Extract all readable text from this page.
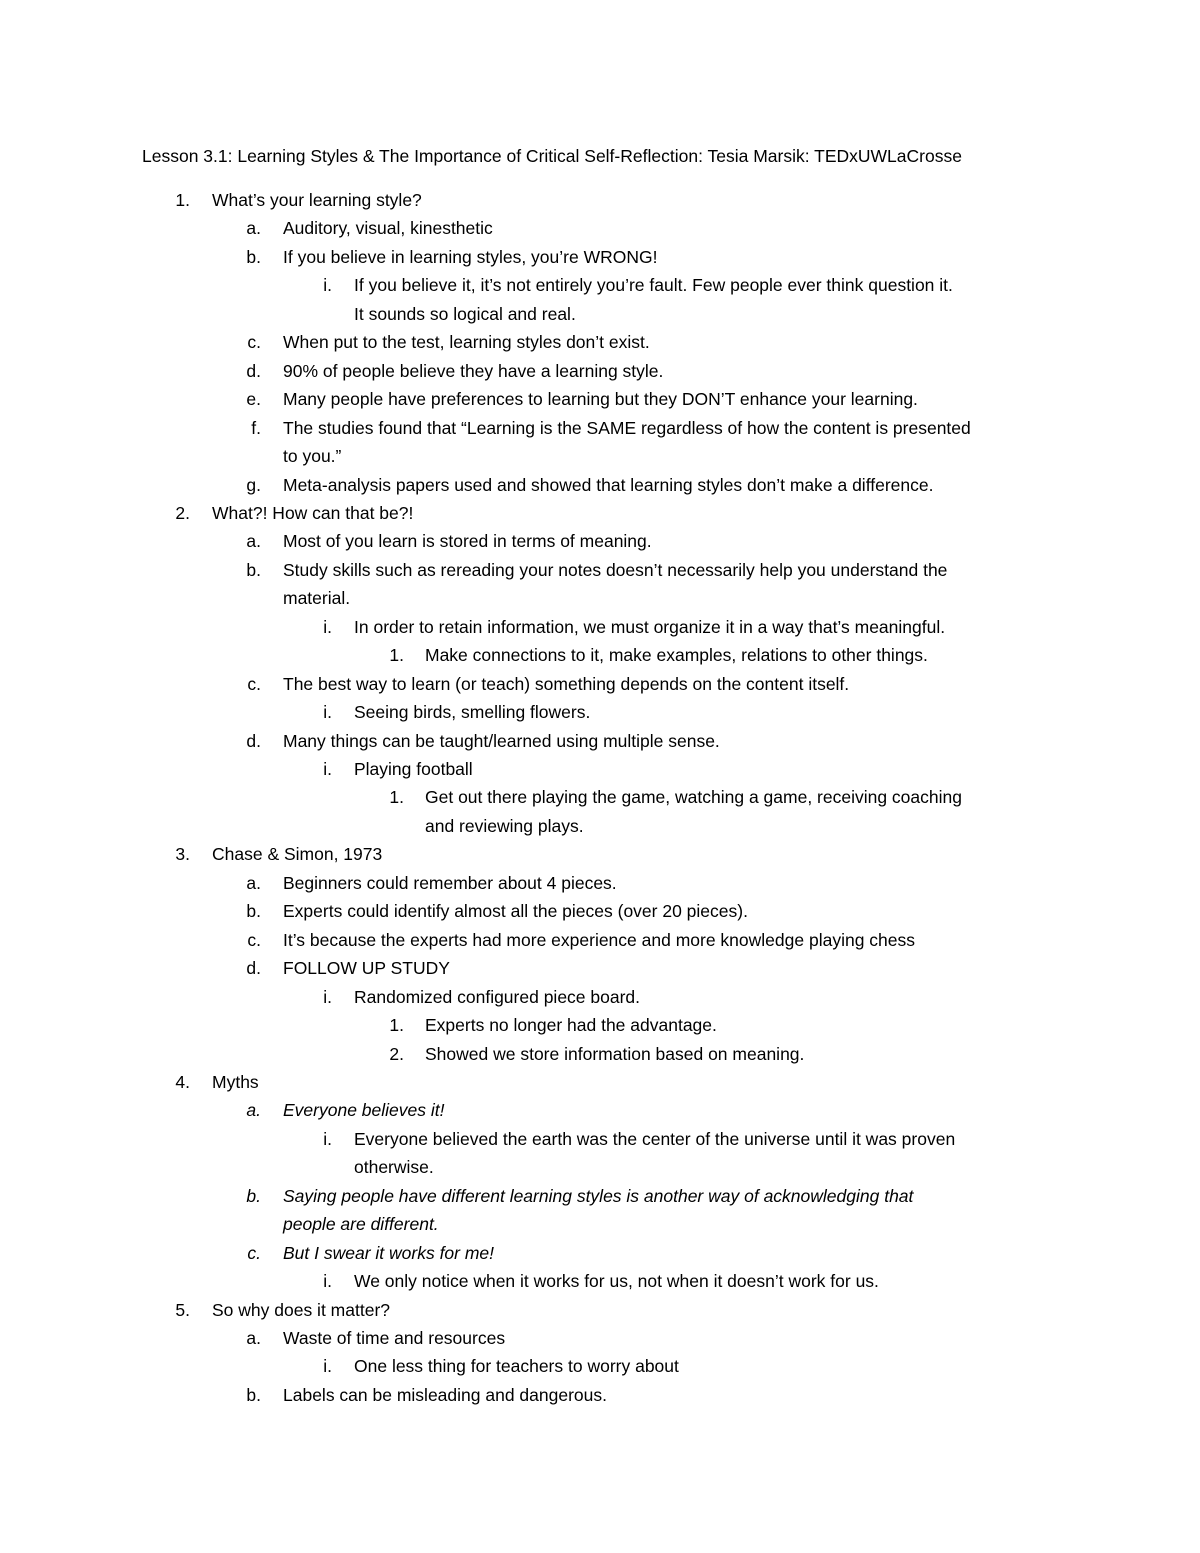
Lesson 3.1: Learning Styles & The Importance of Critical Self-Reflection: Tesia Marsik: TEDxUWLaCrosse
1. What’s your learning style?
a. Auditory, visual, kinesthetic
b. If you believe in learning styles, you’re WRONG!
i. If you believe it, it’s not entirely you’re fault. Few people ever think question it.
It sounds so logical and real.
c. When put to the test, learning styles don’t exist.
d. 90% of people believe they have a learning style.
e. Many people have preferences to learning but they DON’T enhance your learning.
f. The studies found that “Learning is the SAME regardless of how the content is presented
to you.”
g. Meta-analysis papers used and showed that learning styles don’t make a difference.
2. What?! How can that be?!
a. Most of you learn is stored in terms of meaning.
b. Study skills such as rereading your notes doesn’t necessarily help you understand the
material.
i. In order to retain information, we must organize it in a way that’s meaningful.
1. Make connections to it, make examples, relations to other things.
c. The best way to learn (or teach) something depends on the content itself.
i. Seeing birds, smelling flowers.
d. Many things can be taught/learned using multiple sense.
i. Playing football
1. Get out there playing the game, watching a game, receiving coaching
and reviewing plays.
3. Chase & Simon, 1973
a. Beginners could remember about 4 pieces.
b. Experts could identify almost all the pieces (over 20 pieces).
c. It’s because the experts had more experience and more knowledge playing chess
d. FOLLOW UP STUDY
i. Randomized configured piece board.
1. Experts no longer had the advantage.
2. Showed we store information based on meaning.
4. Myths
a. Everyone believes it!
i. Everyone believed the earth was the center of the universe until it was proven
otherwise.
b. Saying people have different learning styles is another way of acknowledging that
people are different.
c. But I swear it works for me!
i. We only notice when it works for us, not when it doesn’t work for us.
5. So why does it matter?
a. Waste of time and resources
i. One less thing for teachers to worry about
b. Labels can be misleading and dangerous.
